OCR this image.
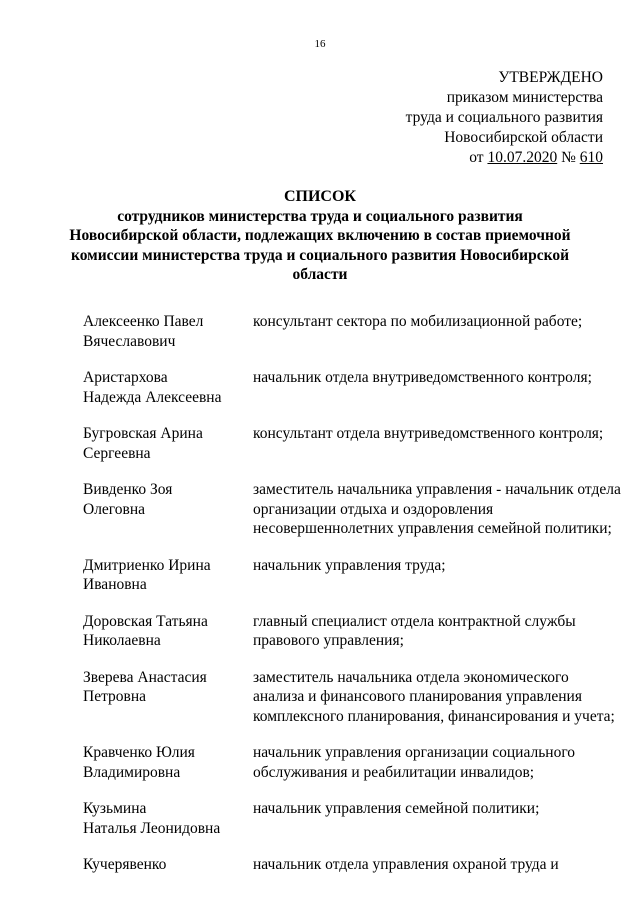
16
УТВЕРЖДЕНО
приказом министерства
труда и социального развития
Новосибирской области
от 10.07.2020 № 610
СПИСОК
сотрудников министерства труда и социального развития
Новосибирской области, подлежащих включению в состав приемочной
комиссии министерства труда и социального развития Новосибирской
области
Алексеенко Павел
Вячеславович
консультант сектора по мобилизационной работе;
Аристархова
Надежда Алексеевна
начальник отдела внутриведомственного контроля;
Бугровская Арина
Сергеевна
консультант отдела внутриведомственного контроля;
Вивденко Зоя
Олеговна
заместитель начальника управления - начальник отдела
организации отдыха и оздоровления
несовершеннолетних управления семейной политики;
Дмитриенко Ирина
Ивановна
начальник управления труда;
Доровская Татьяна
Николаевна
главный специалист отдела контрактной службы
правового управления;
Зверева Анастасия
Петровна
заместитель начальника отдела экономического
анализа и финансового планирования управления
комплексного планирования, финансирования и учета;
Кравченко Юлия
Владимировна
начальник управления организации социального
обслуживания и реабилитации инвалидов;
Кузьмина
Наталья Леонидовна
начальник управления семейной политики;
Кучерявенко	начальник отдела управления охраной труда и
